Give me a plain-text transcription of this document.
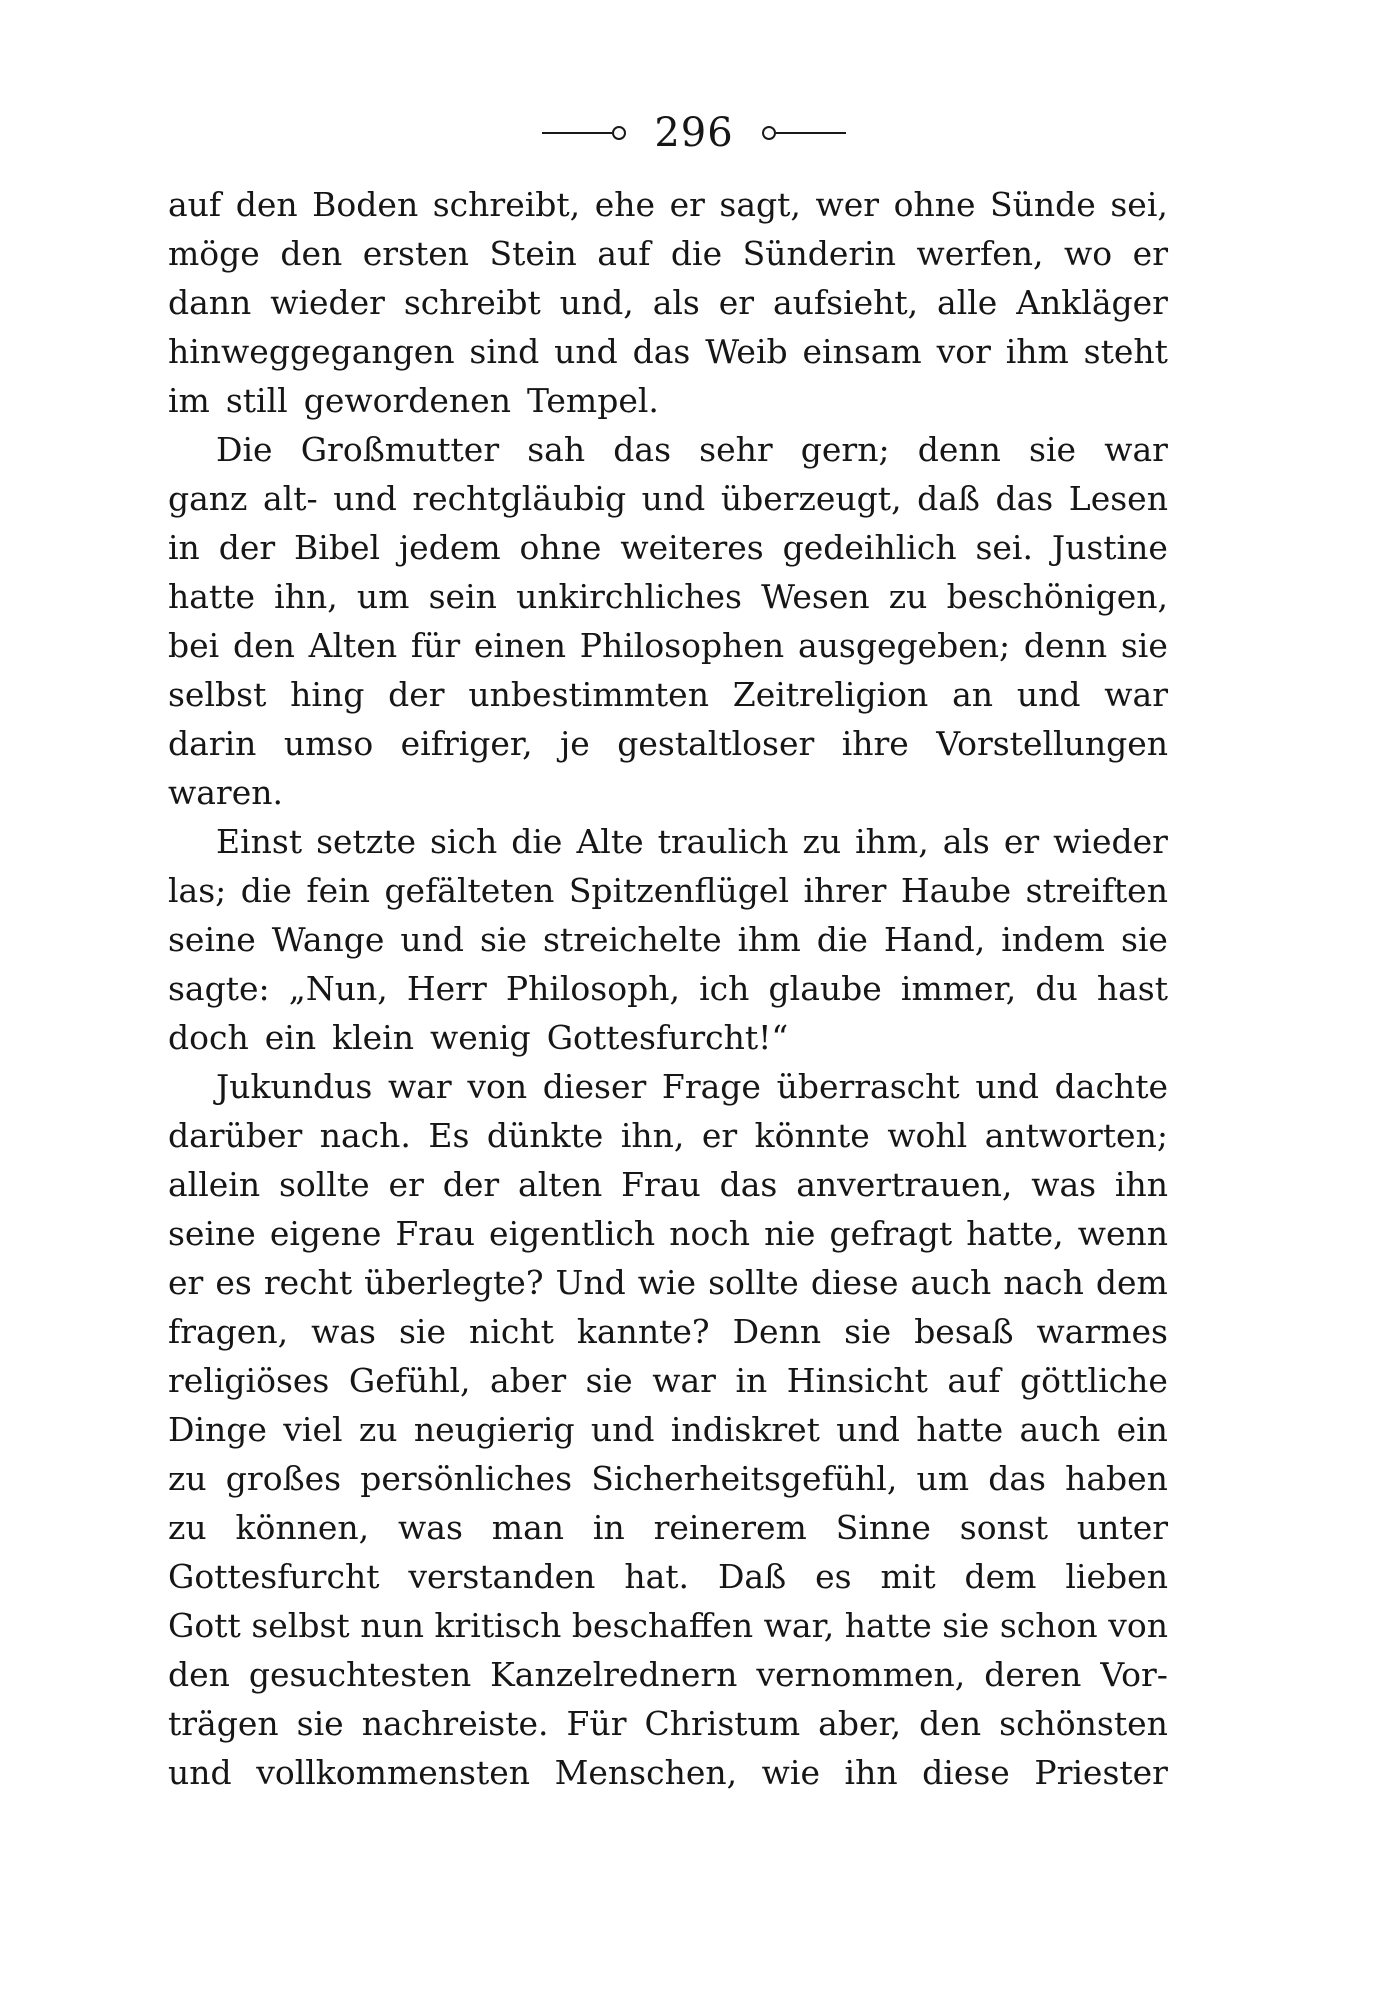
296
auf den Boden schreibt, ehe er sagt, wer ohne Sünde sei,
möge den ersten Stein auf die Sünderin werfen, wo er
dann wieder schreibt und, als er aufsieht, alle Ankläger
hinweggegangen sind und das Weib einsam vor ihm steht
im still gewordenen Tempel.
Die Großmutter sah das sehr gern; denn sie war
ganz alt- und rechtgläubig und überzeugt, daß das Lesen
in der Bibel jedem ohne weiteres gedeihlich sei. Justine
hatte ihn, um sein unkirchliches Wesen zu beschönigen,
bei den Alten für einen Philosophen ausgegeben; denn sie
selbst hing der unbestimmten Zeitreligion an und war
darin umso eifriger, je gestaltloser ihre Vorstellungen
waren.
Einst setzte sich die Alte traulich zu ihm, als er wieder
las; die fein gefälteten Spitzenflügel ihrer Haube streiften
seine Wange und sie streichelte ihm die Hand, indem sie
sagte: „Nun, Herr Philosoph, ich glaube immer, du hast
doch ein klein wenig Gottesfurcht!“
Jukundus war von dieser Frage überrascht und dachte
darüber nach. Es dünkte ihn, er könnte wohl antworten;
allein sollte er der alten Frau das anvertrauen, was ihn
seine eigene Frau eigentlich noch nie gefragt hatte, wenn
er es recht überlegte? Und wie sollte diese auch nach dem
fragen, was sie nicht kannte? Denn sie besaß warmes
religiöses Gefühl, aber sie war in Hinsicht auf göttliche
Dinge viel zu neugierig und indiskret und hatte auch ein
zu großes persönliches Sicherheitsgefühl, um das haben
zu können, was man in reinerem Sinne sonst unter
Gottesfurcht verstanden hat. Daß es mit dem lieben
Gott selbst nun kritisch beschaffen war, hatte sie schon von
den gesuchtesten Kanzelrednern vernommen, deren Vor-
trägen sie nachreiste. Für Christum aber, den schönsten
und vollkommensten Menschen, wie ihn diese Priester
